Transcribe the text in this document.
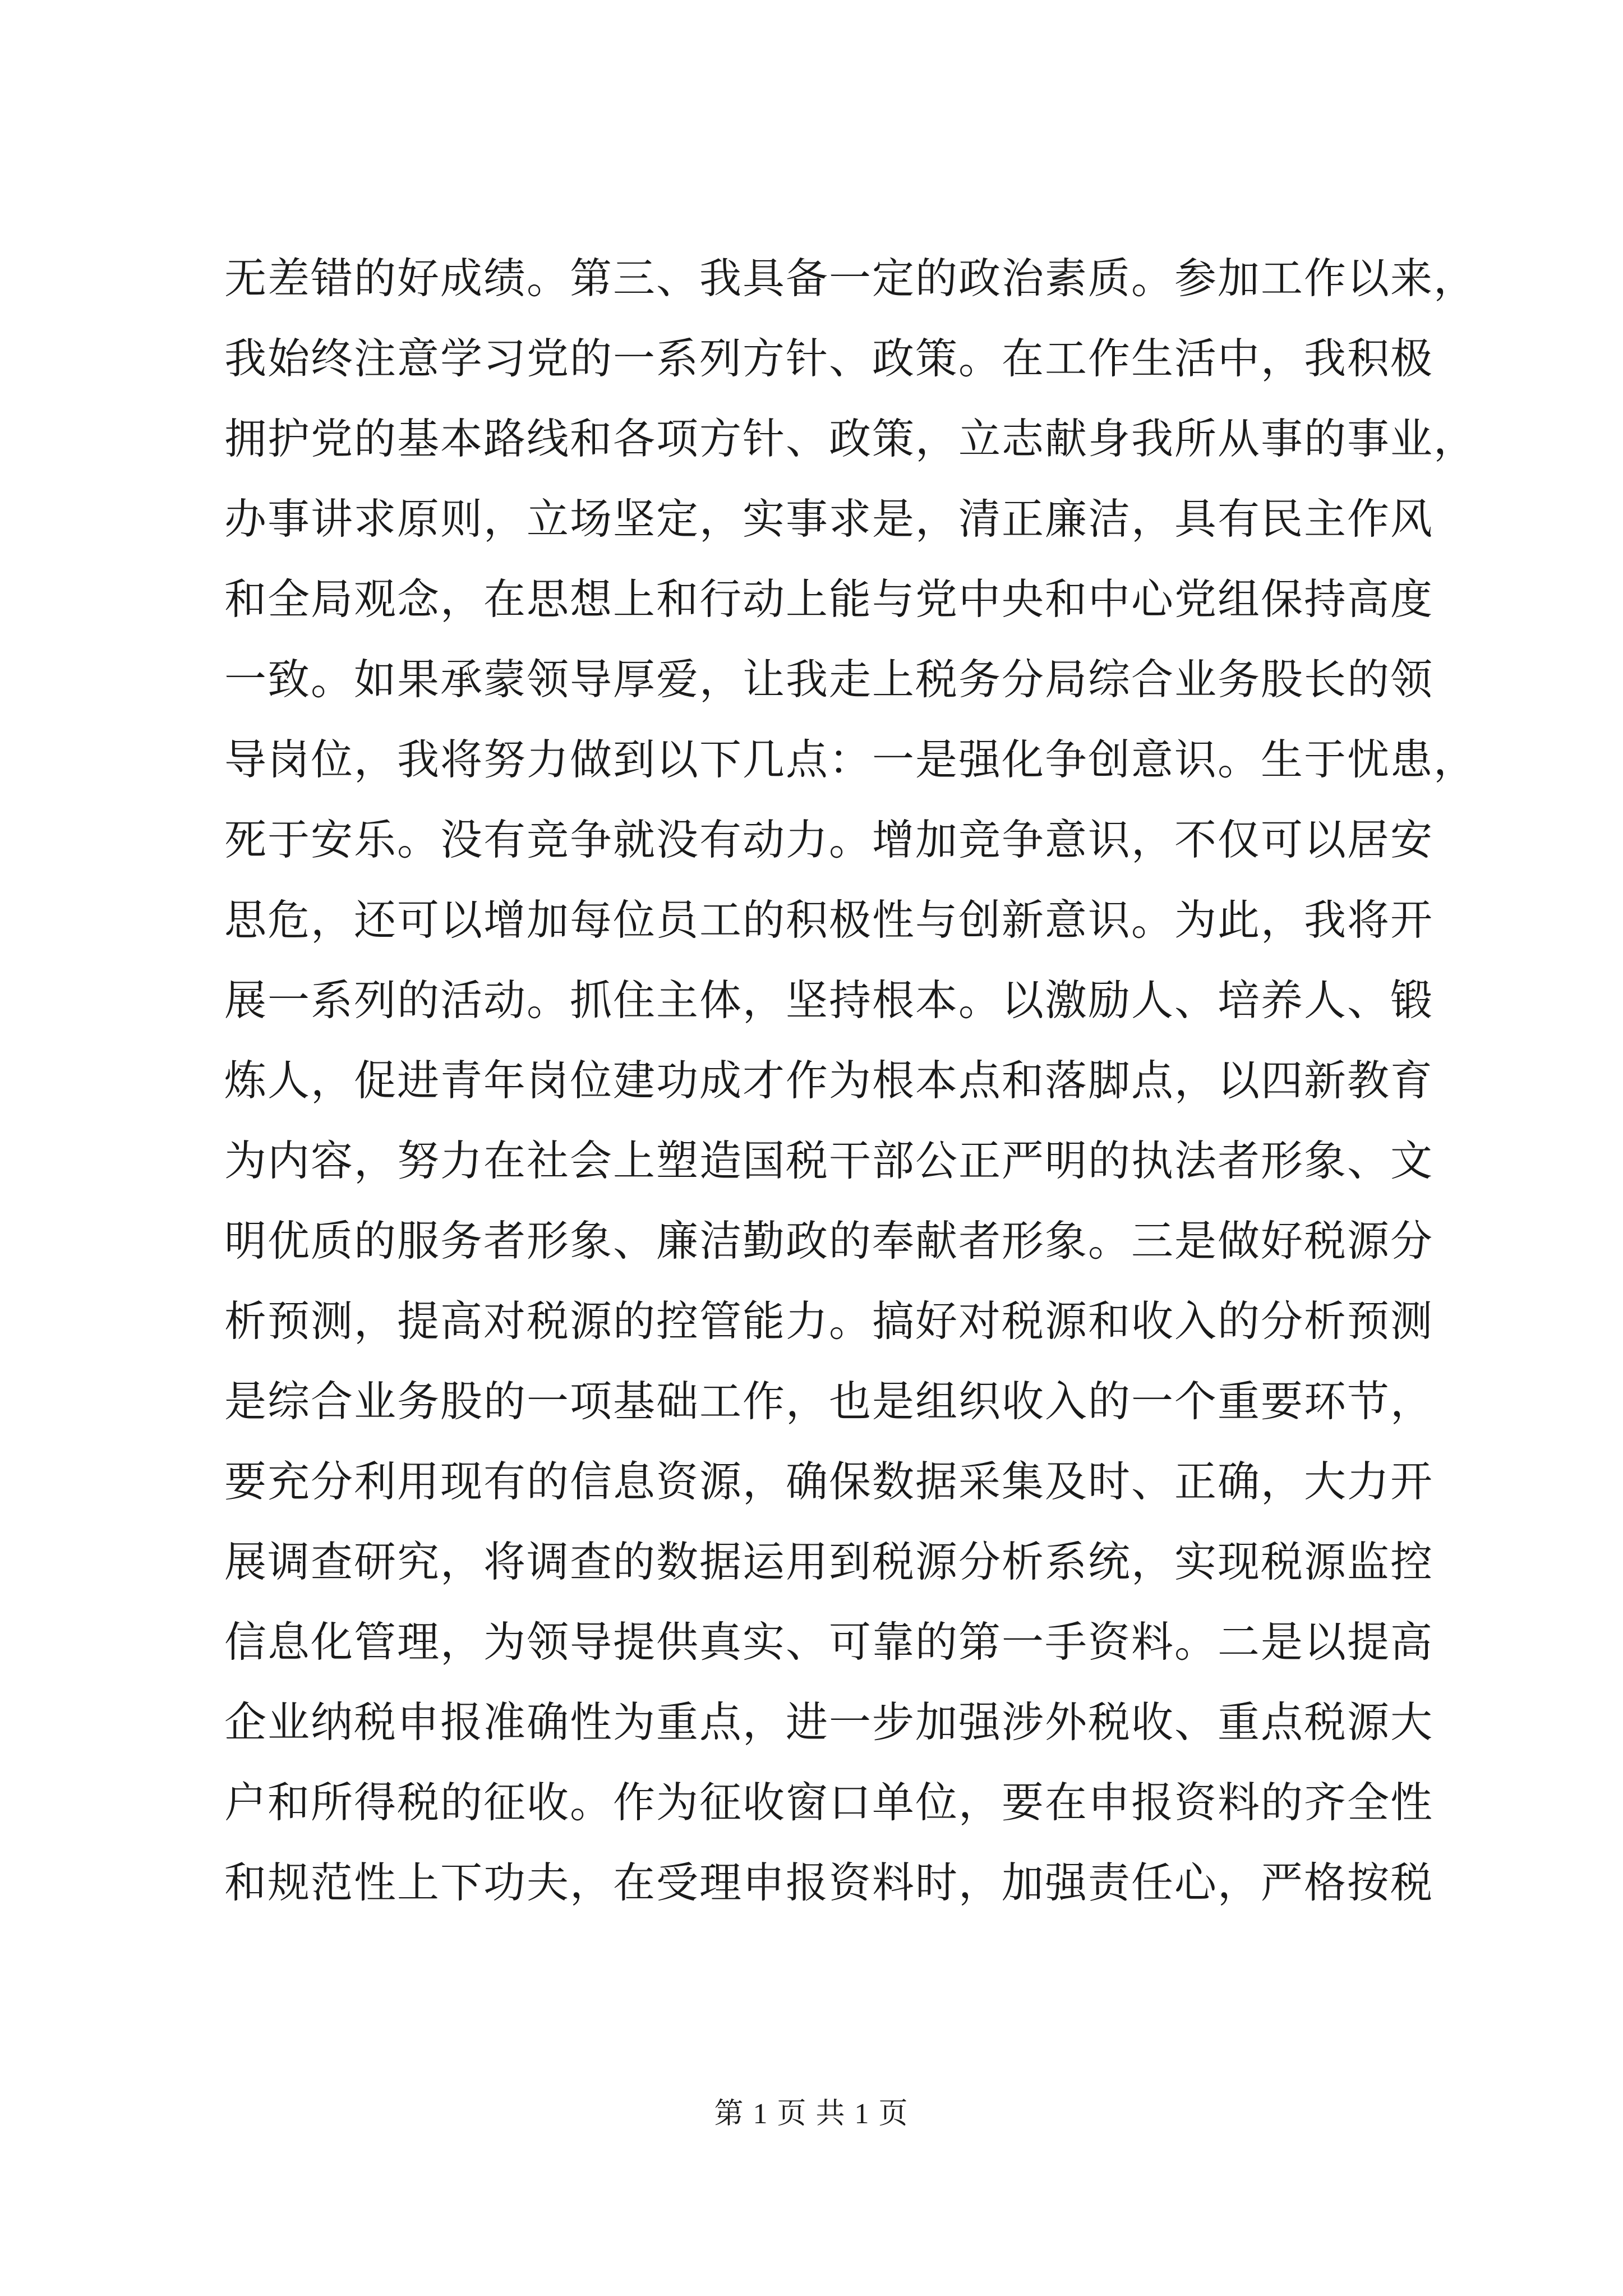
无差错的好成绩。第三、我具备一定的政治素质。参加工作以来，
我始终注意学习党的一系列方针、政策。在工作生活中，我积极
拥护党的基本路线和各项方针、政策，立志献身我所从事的事业，
办事讲求原则，立场坚定，实事求是，清正廉洁，具有民主作风
和全局观念，在思想上和行动上能与党中央和中心党组保持高度
一致。如果承蒙领导厚爱，让我走上税务分局综合业务股长的领
导岗位，我将努力做到以下几点：一是强化争创意识。生于忧患，
死于安乐。没有竞争就没有动力。增加竞争意识，不仅可以居安
思危，还可以增加每位员工的积极性与创新意识。为此，我将开
展一系列的活动。抓住主体，坚持根本。以激励人、培养人、锻
炼人，促进青年岗位建功成才作为根本点和落脚点，以四新教育
为内容，努力在社会上塑造国税干部公正严明的执法者形象、文
明优质的服务者形象、廉洁勤政的奉献者形象。三是做好税源分
析预测，提高对税源的控管能力。搞好对税源和收入的分析预测
是综合业务股的一项基础工作，也是组织收入的一个重要环节，
要充分利用现有的信息资源，确保数据采集及时、正确，大力开
展调查研究，将调查的数据运用到税源分析系统，实现税源监控
信息化管理，为领导提供真实、可靠的第一手资料。二是以提高
企业纳税申报准确性为重点，进一步加强涉外税收、重点税源大
户和所得税的征收。作为征收窗口单位，要在申报资料的齐全性
和规范性上下功夫，在受理申报资料时，加强责任心，严格按税
第 1 页 共 1 页
